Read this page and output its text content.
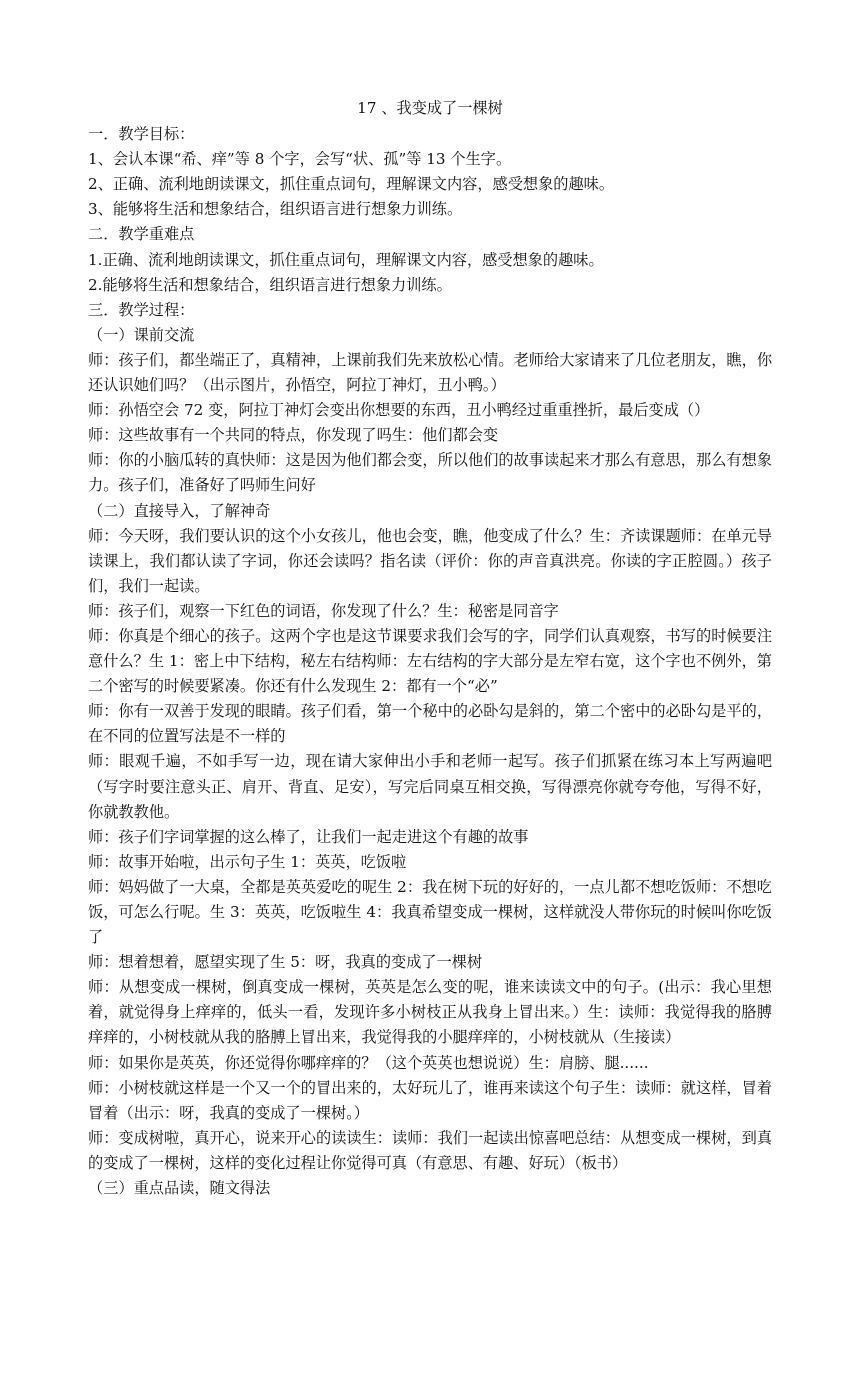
17 、我变成了一棵树

一．教学目标：

1、会认本课“希、痒”等 8 个字，会写“状、孤”等 13 个生字。

2、正确、流利地朗读课文，抓住重点词句，理解课文内容，感受想象的趣味。

3、能够将生活和想象结合，组织语言进行想象力训练。

二．教学重难点

1.正确、流利地朗读课文，抓住重点词句，理解课文内容，感受想象的趣味。

2.能够将生活和想象结合，组织语言进行想象力训练。

三．教学过程：

（一）课前交流

师：孩子们，都坐端正了，真精神，上课前我们先来放松心情。老师给大家请来了几位老朋友，瞧，你还认识她们吗？（出示图片，孙悟空，阿拉丁神灯，丑小鸭。）

师：孙悟空会 72 变，阿拉丁神灯会变出你想要的东西，丑小鸭经过重重挫折，最后变成（）

师：这些故事有一个共同的特点，你发现了吗生：他们都会变

师：你的小脑瓜转的真快师：这是因为他们都会变，所以他们的故事读起来才那么有意思，那么有想象力。孩子们，准备好了吗师生问好

（二）直接导入，了解神奇

师：今天呀，我们要认识的这个小女孩儿，他也会变，瞧，他变成了什么？生：齐读课题师：在单元导读课上，我们都认读了字词，你还会读吗？指名读（评价：你的声音真洪亮。你读的字正腔圆。）孩子们，我们一起读。

师：孩子们，观察一下红色的词语，你发现了什么？生：秘密是同音字

师：你真是个细心的孩子。这两个字也是这节课要求我们会写的字，同学们认真观察，书写的时候要注意什么？生 1：密上中下结构，秘左右结构师：左右结构的字大部分是左窄右宽，这个字也不例外，第二个密写的时候要紧凑。你还有什么发现生 2：都有一个“必”

师：你有一双善于发现的眼睛。孩子们看，第一个秘中的必卧勾是斜的，第二个密中的必卧勾是平的，在不同的位置写法是不一样的

师：眼观千遍，不如手写一边，现在请大家伸出小手和老师一起写。孩子们抓紧在练习本上写两遍吧（写字时要注意头正、肩开、背直、足安），写完后同桌互相交换，写得漂亮你就夸夸他，写得不好，你就教教他。

师：孩子们字词掌握的这么棒了，让我们一起走进这个有趣的故事

师：故事开始啦，出示句子生 1：英英，吃饭啦

师：妈妈做了一大桌，全都是英英爱吃的呢生 2：我在树下玩的好好的，一点儿都不想吃饭师：不想吃饭，可怎么行呢。生 3：英英，吃饭啦生 4：我真希望变成一棵树，这样就没人带你玩的时候叫你吃饭了

师：想着想着，愿望实现了生 5：呀，我真的变成了一棵树

师：从想变成一棵树，倒真变成一棵树，英英是怎么变的呢，谁来读读文中的句子。(出示：我心里想着，就觉得身上痒痒的，低头一看，发现许多小树枝正从我身上冒出来。）生：读师：我觉得我的胳膊痒痒的，小树枝就从我的胳膊上冒出来，我觉得我的小腿痒痒的，小树枝就从（生接读）

师：如果你是英英，你还觉得你哪痒痒的？（这个英英也想说说）生：肩膀、腿......

师：小树枝就这样是一个又一个的冒出来的，太好玩儿了，谁再来读这个句子生：读师：就这样，冒着冒着（出示：呀，我真的变成了一棵树。）

师：变成树啦，真开心，说来开心的读读生：读师：我们一起读出惊喜吧总结：从想变成一棵树，到真的变成了一棵树，这样的变化过程让你觉得可真（有意思、有趣、好玩）（板书）

（三）重点品读，随文得法
